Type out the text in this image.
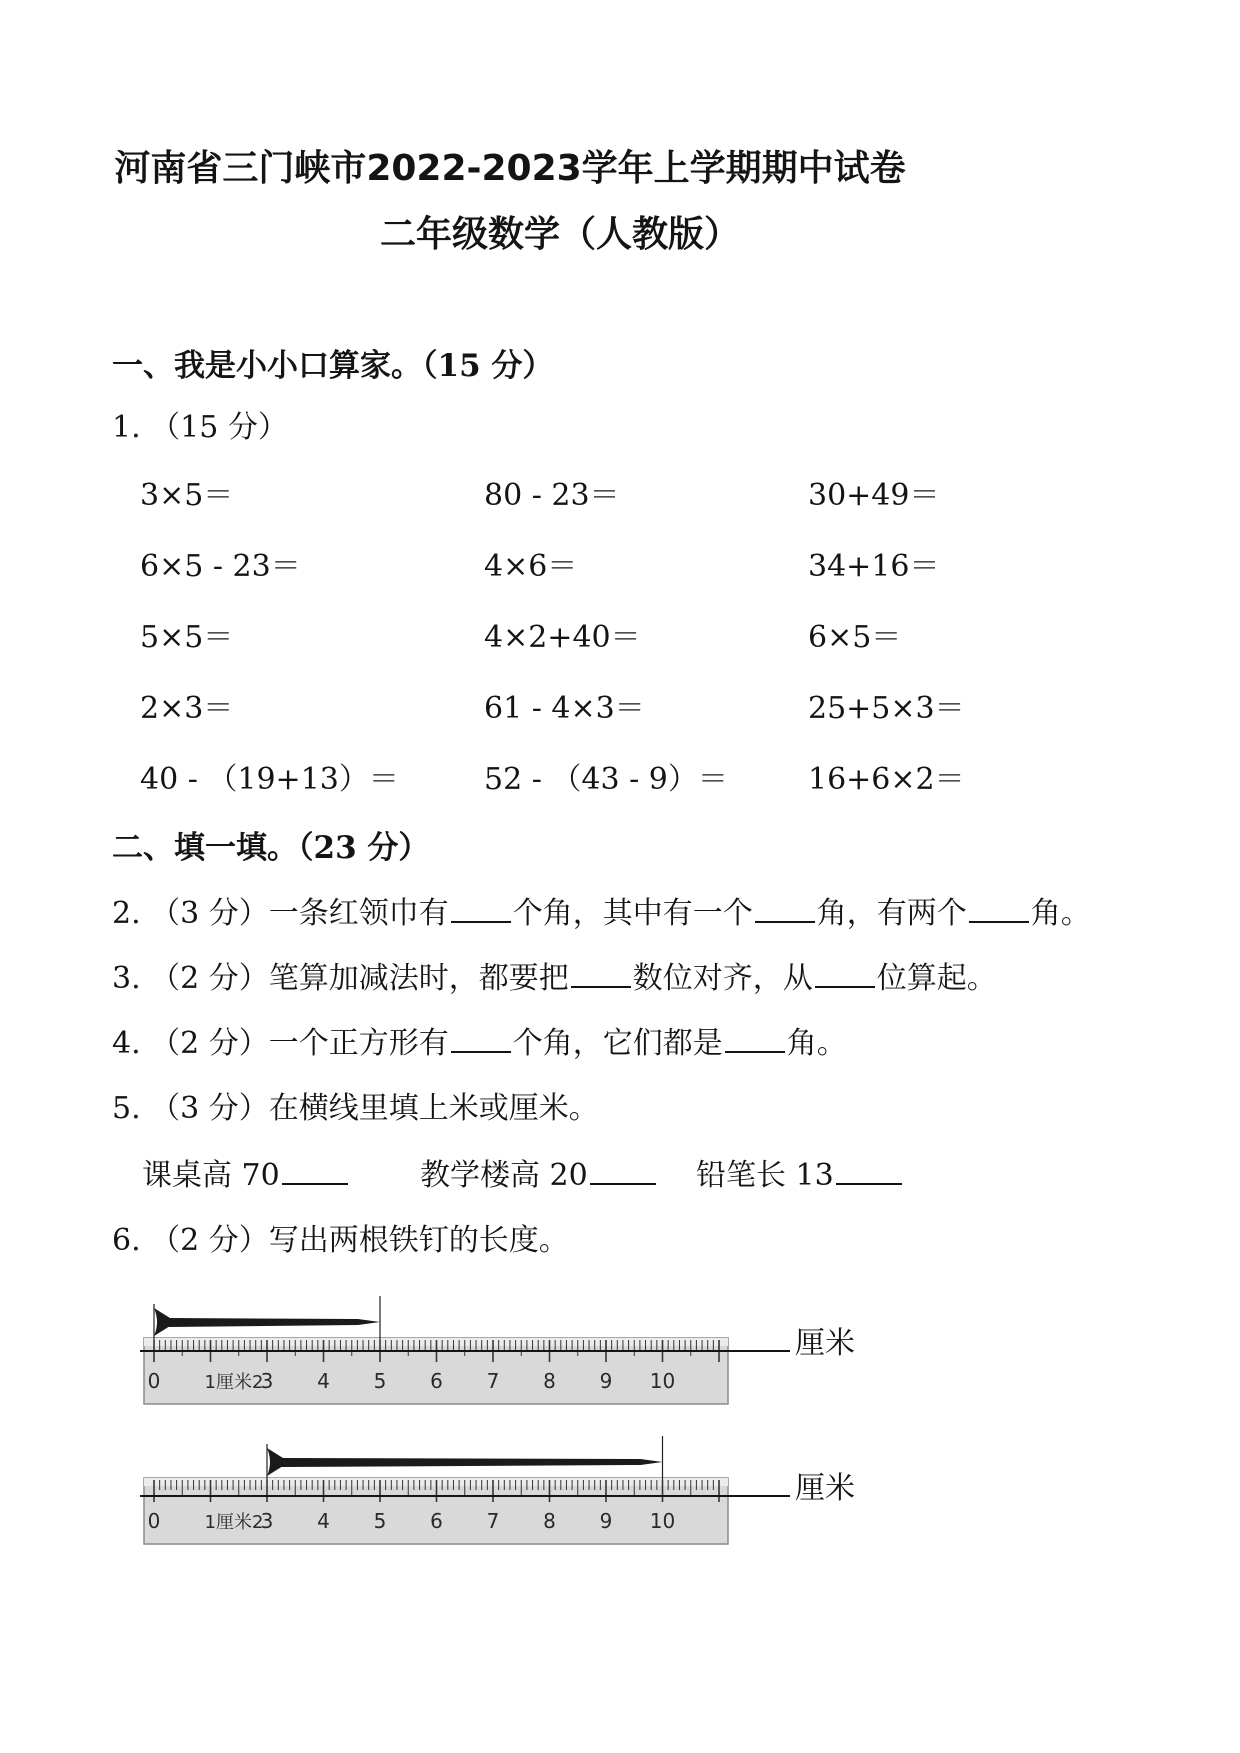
河南省三门峡市2022-2023学年上学期期中试卷
二年级数学（人教版）
一、我是小小口算家。（15 分）
1. （15 分）
3×5＝	80 - 23＝	30+49＝
6×5 - 23＝	4×6＝	34+16＝
5×5＝	4×2+40＝	6×5＝
2×3＝	61 - 4×3＝	25+5×3＝
40 - （19+13）＝	52 - （43 - 9）＝	16+6×2＝
二、填一填。（23 分）
2. （3 分）一条红领巾有 个角，其中有一个 角，有两个 角。
3. （2 分）笔算加减法时，都要把 数位对齐，从 位算起。
4. （2 分）一个正方形有 个角，它们都是 角。
5. （3 分）在横线里填上米或厘米。
课桌高 70	教学楼高 20	铅笔长 13
6. （2 分）写出两根铁钉的长度。
0 1厘米2
3 4 5 6 7 8 9 10
厘米
0 1厘米2
3 4 5 6 7 8 9 10
厘米
